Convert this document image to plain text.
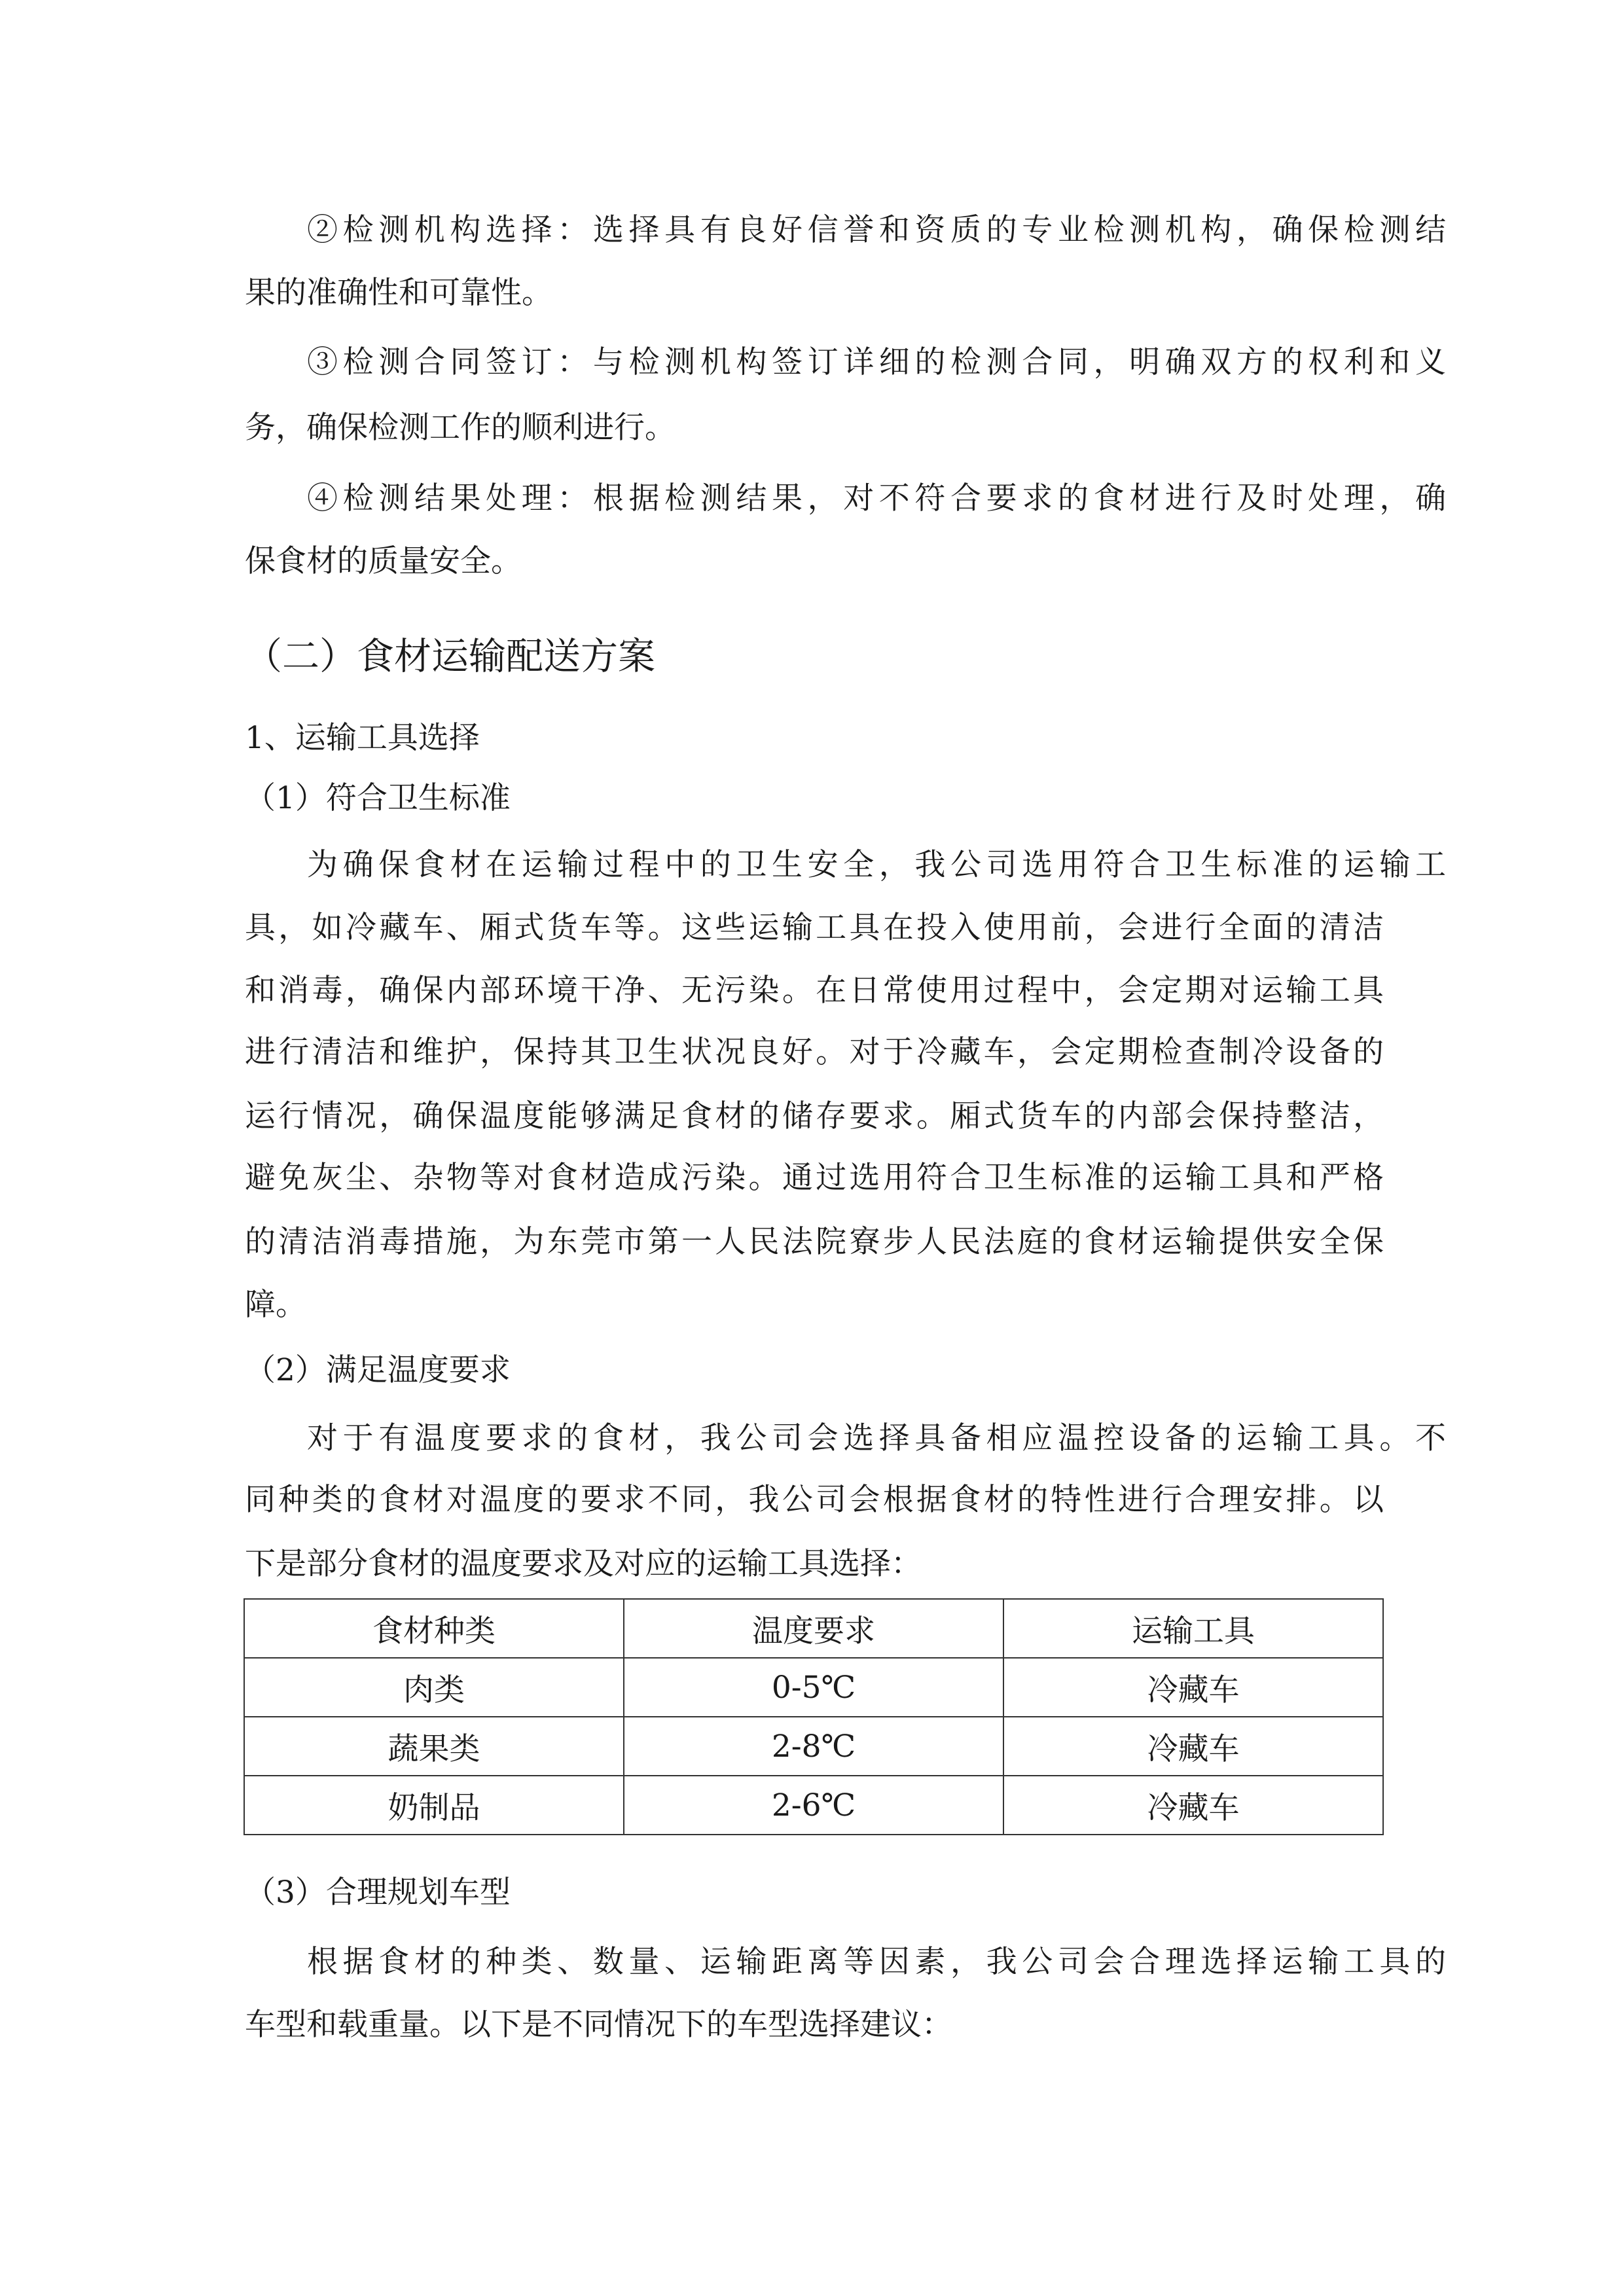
②检测机构选择：选择具有良好信誉和资质的专业检测机构，确保检测结

果的准确性和可靠性。

③检测合同签订：与检测机构签订详细的检测合同，明确双方的权利和义

务，确保检测工作的顺利进行。

④检测结果处理：根据检测结果，对不符合要求的食材进行及时处理，确

保食材的质量安全。

（二）食材运输配送方案

1、运输工具选择

（1）符合卫生标准

为确保食材在运输过程中的卫生安全，我公司选用符合卫生标准的运输工

具，如冷藏车、厢式货车等。这些运输工具在投入使用前，会进行全面的清洁

和消毒，确保内部环境干净、无污染。在日常使用过程中，会定期对运输工具

进行清洁和维护，保持其卫生状况良好。对于冷藏车，会定期检查制冷设备的

运行情况，确保温度能够满足食材的储存要求。厢式货车的内部会保持整洁，

避免灰尘、杂物等对食材造成污染。通过选用符合卫生标准的运输工具和严格

的清洁消毒措施，为东莞市第一人民法院寮步人民法庭的食材运输提供安全保

障。

（2）满足温度要求

对于有温度要求的食材，我公司会选择具备相应温控设备的运输工具。不

同种类的食材对温度的要求不同，我公司会根据食材的特性进行合理安排。以

下是部分食材的温度要求及对应的运输工具选择：

食材种类	温度要求	运输工具
肉类	0-5℃	冷藏车
蔬果类	2-8℃	冷藏车
奶制品	2-6℃	冷藏车

（3）合理规划车型

根据食材的种类、数量、运输距离等因素，我公司会合理选择运输工具的

车型和载重量。以下是不同情况下的车型选择建议：
